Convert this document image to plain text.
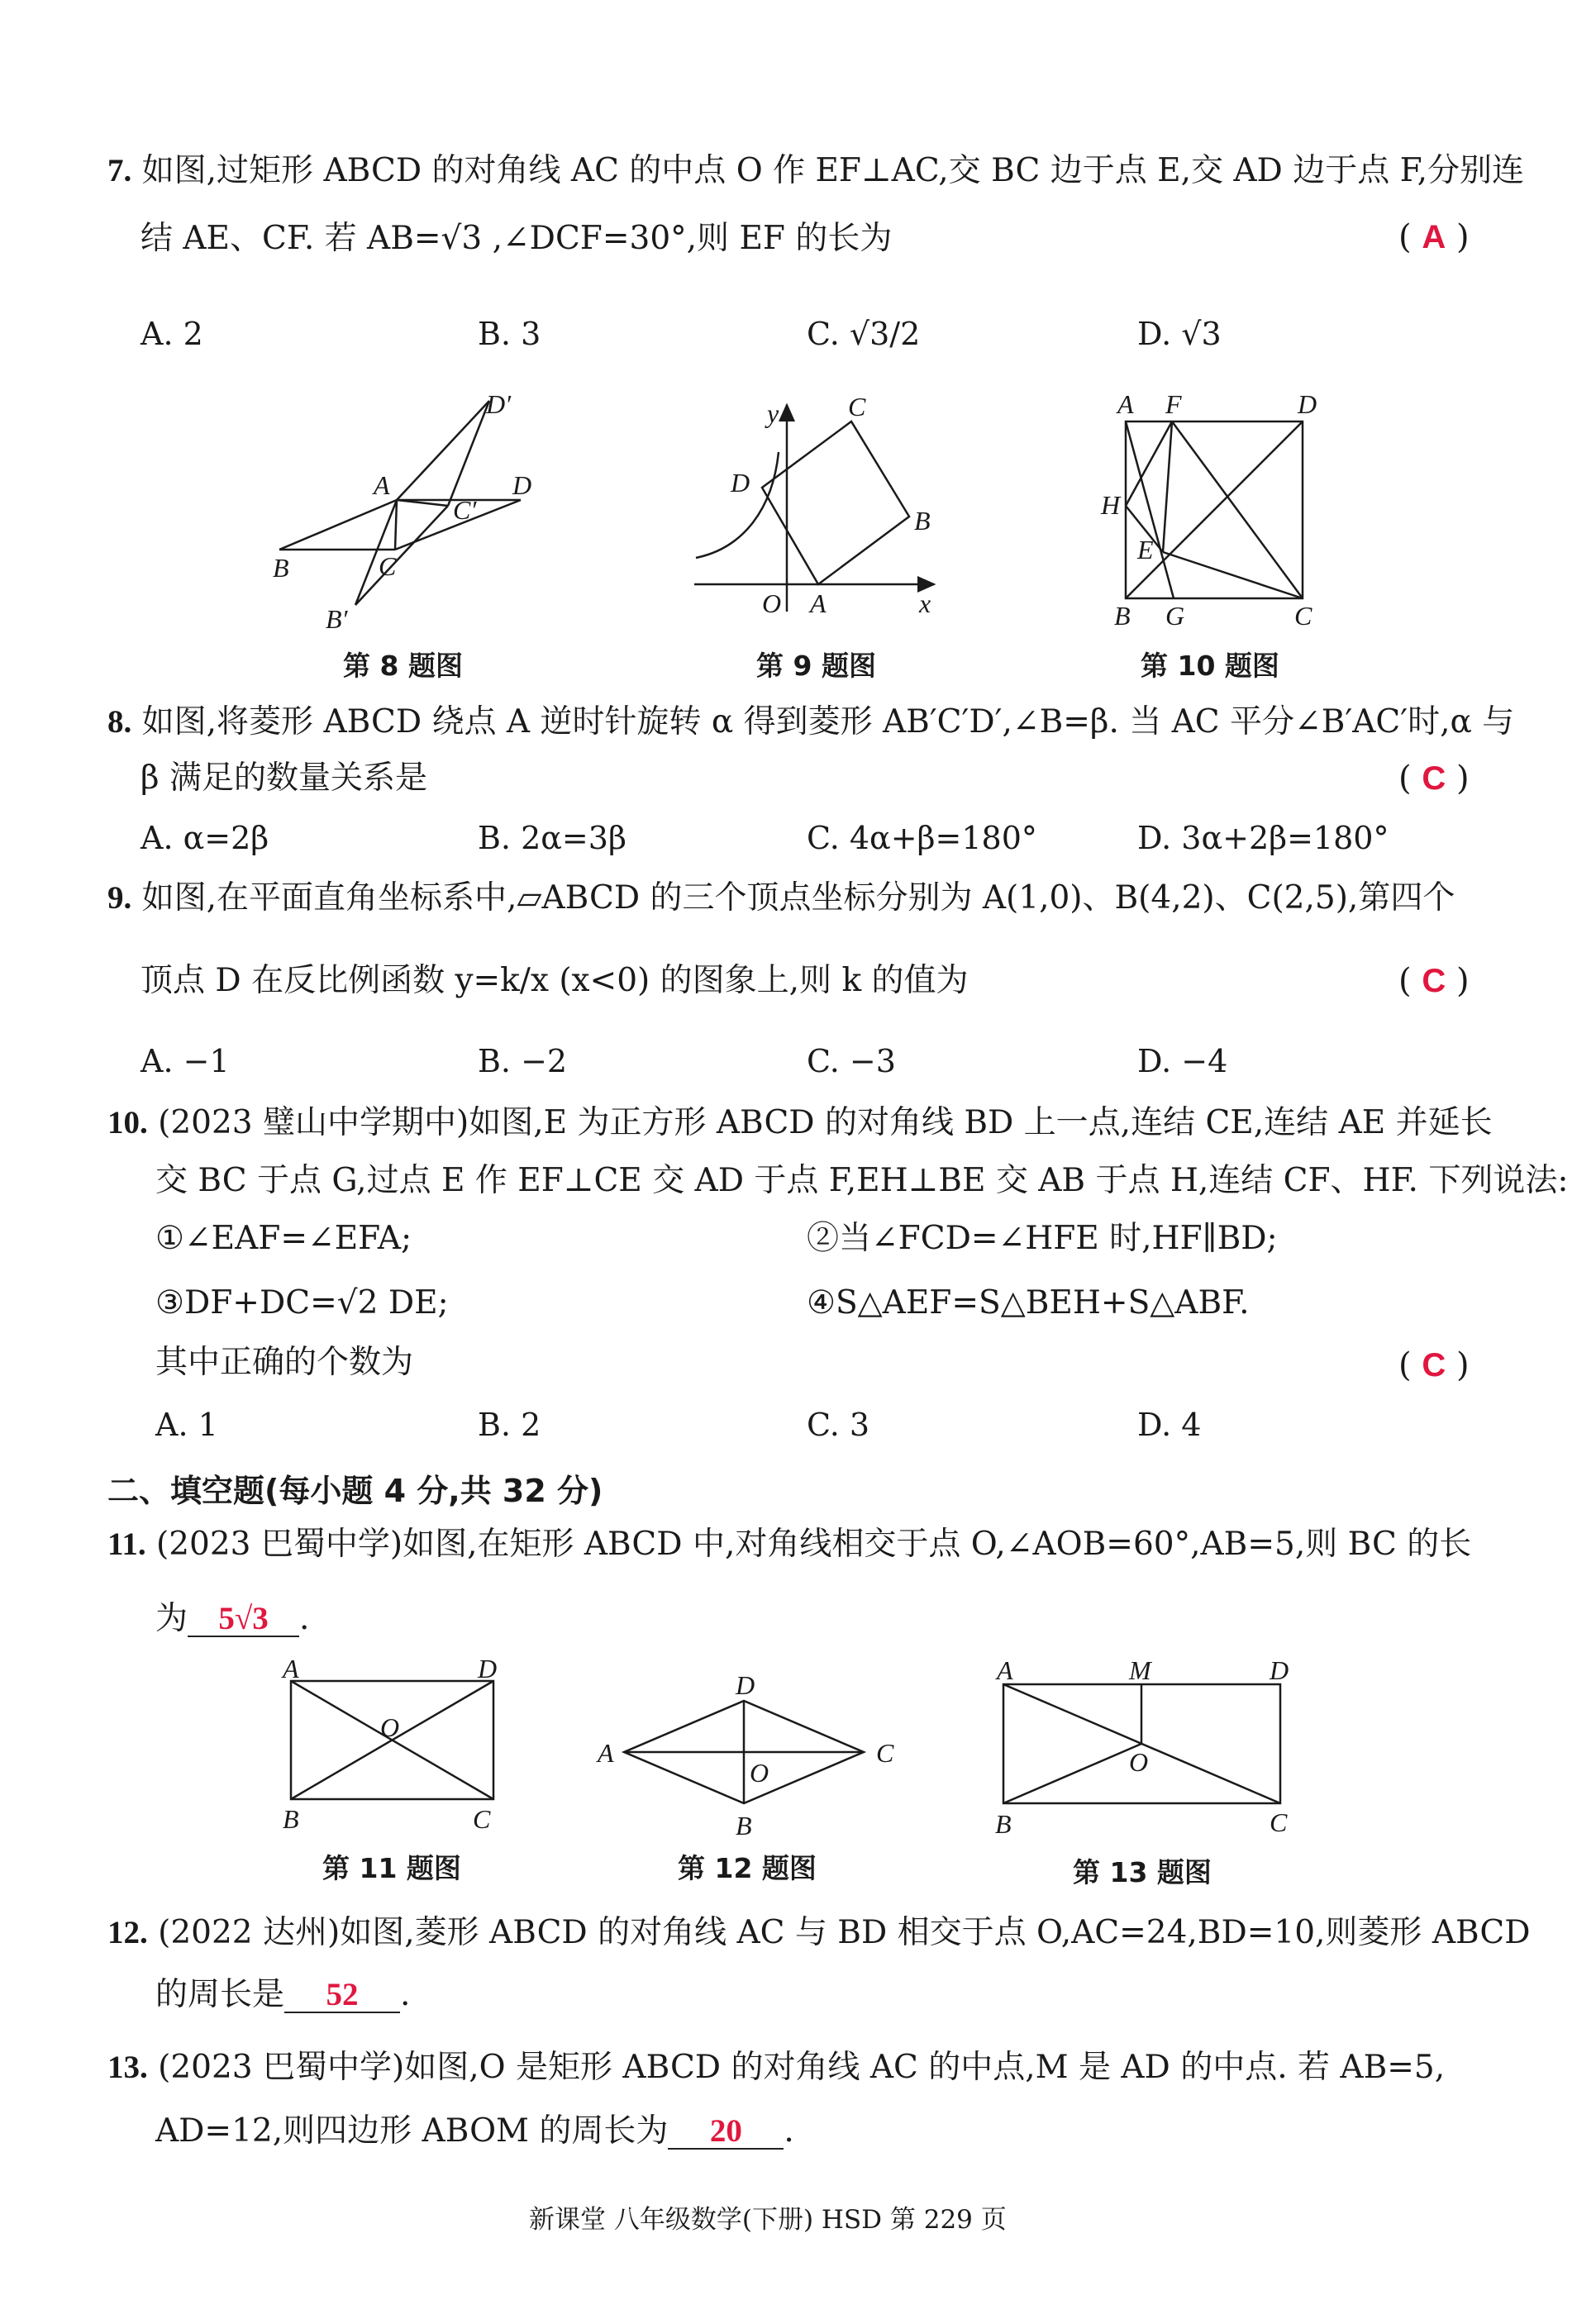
7. 如图,过矩形 ABCD 的对角线 AC 的中点 O 作 EF⊥AC,交 BC 边于点 E,交 AD 边于点 F,分别连
结 AE、CF. 若 AB=√3 ,∠DCF=30°,则 EF 的长为	( A )
A. 2	B. 3	C. √3/2	D. √3
A
B	C
D
B′
C′
D′
第 8 题图
y
x
O A
B
C
D
第 9 题图
A F	D
H
E
B G	C
第 10 题图
8. 如图,将菱形 ABCD 绕点 A 逆时针旋转 α 得到菱形 AB′C′D′,∠B=β. 当 AC 平分∠B′AC′时,α 与
β 满足的数量关系是	( C )
A. α=2β	B. 2α=3β	C. 4α+β=180°	D. 3α+2β=180°
9. 如图,在平面直角坐标系中,▱ABCD 的三个顶点坐标分别为 A(1,0)、B(4,2)、C(2,5),第四个
顶点 D 在反比例函数 y=k/x (x<0) 的图象上,则 k 的值为	( C )
A. −1	B. −2	C. −3	D. −4
10. (2023 璧山中学期中)如图,E 为正方形 ABCD 的对角线 BD 上一点,连结 CE,连结 AE 并延长
交 BC 于点 G,过点 E 作 EF⊥CE 交 AD 于点 F,EH⊥BE 交 AB 于点 H,连结 CF、HF. 下列说法:
①∠EAF=∠EFA;	②当∠FCD=∠HFE 时,HF∥BD;
③DF+DC=√2 DE;	④S△AEF=S△BEH+S△ABF.
其中正确的个数为	( C )
A. 1	B. 2	C. 3	D. 4
二、填空题(每小题 4 分,共 32 分)
11. (2023 巴蜀中学)如图,在矩形 ABCD 中,对角线相交于点 O,∠AOB=60°,AB=5,则 BC 的长
为 5√3 .
A	D
O
B	C
第 11 题图
D
A	C
O
B
第 12 题图
A	M	D
O
B	C
第 13 题图
12. (2022 达州)如图,菱形 ABCD 的对角线 AC 与 BD 相交于点 O,AC=24,BD=10,则菱形 ABCD
的周长是 52 .
13. (2023 巴蜀中学)如图,O 是矩形 ABCD 的对角线 AC 的中点,M 是 AD 的中点. 若 AB=5,
AD=12,则四边形 ABOM 的周长为 20 .
新课堂 八年级数学(下册) HSD 第 229 页
